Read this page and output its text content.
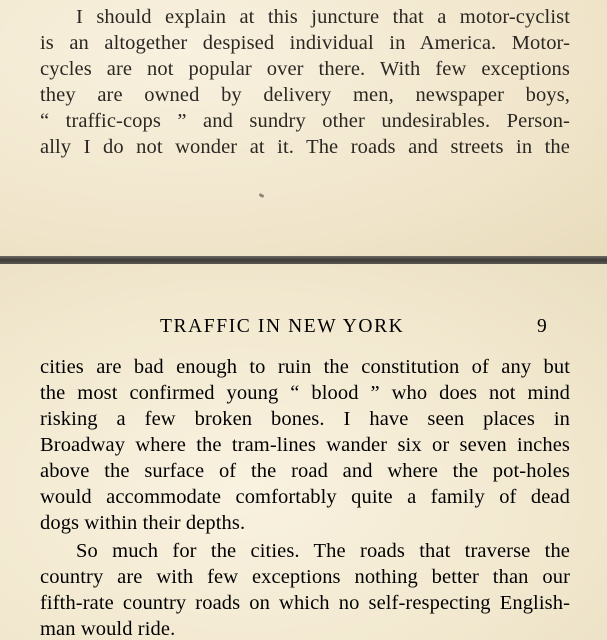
I should explain at this juncture that a motor-cyclist
is an altogether despised individual in America. Motor-
cycles are not popular over there. With few exceptions
they are owned by delivery men, newspaper boys,
“ traffic-cops ” and sundry other undesirables. Person-
ally I do not wonder at it. The roads and streets in the
TRAFFIC IN NEW YORK	9
cities are bad enough to ruin the constitution of any but
the most confirmed young “ blood ” who does not mind
risking a few broken bones. I have seen places in
Broadway where the tram-lines wander six or seven inches
above the surface of the road and where the pot-holes
would accommodate comfortably quite a family of dead
dogs within their depths.
So much for the cities. The roads that traverse the
country are with few exceptions nothing better than our
fifth-rate country roads on which no self-respecting English-
man would ride.
